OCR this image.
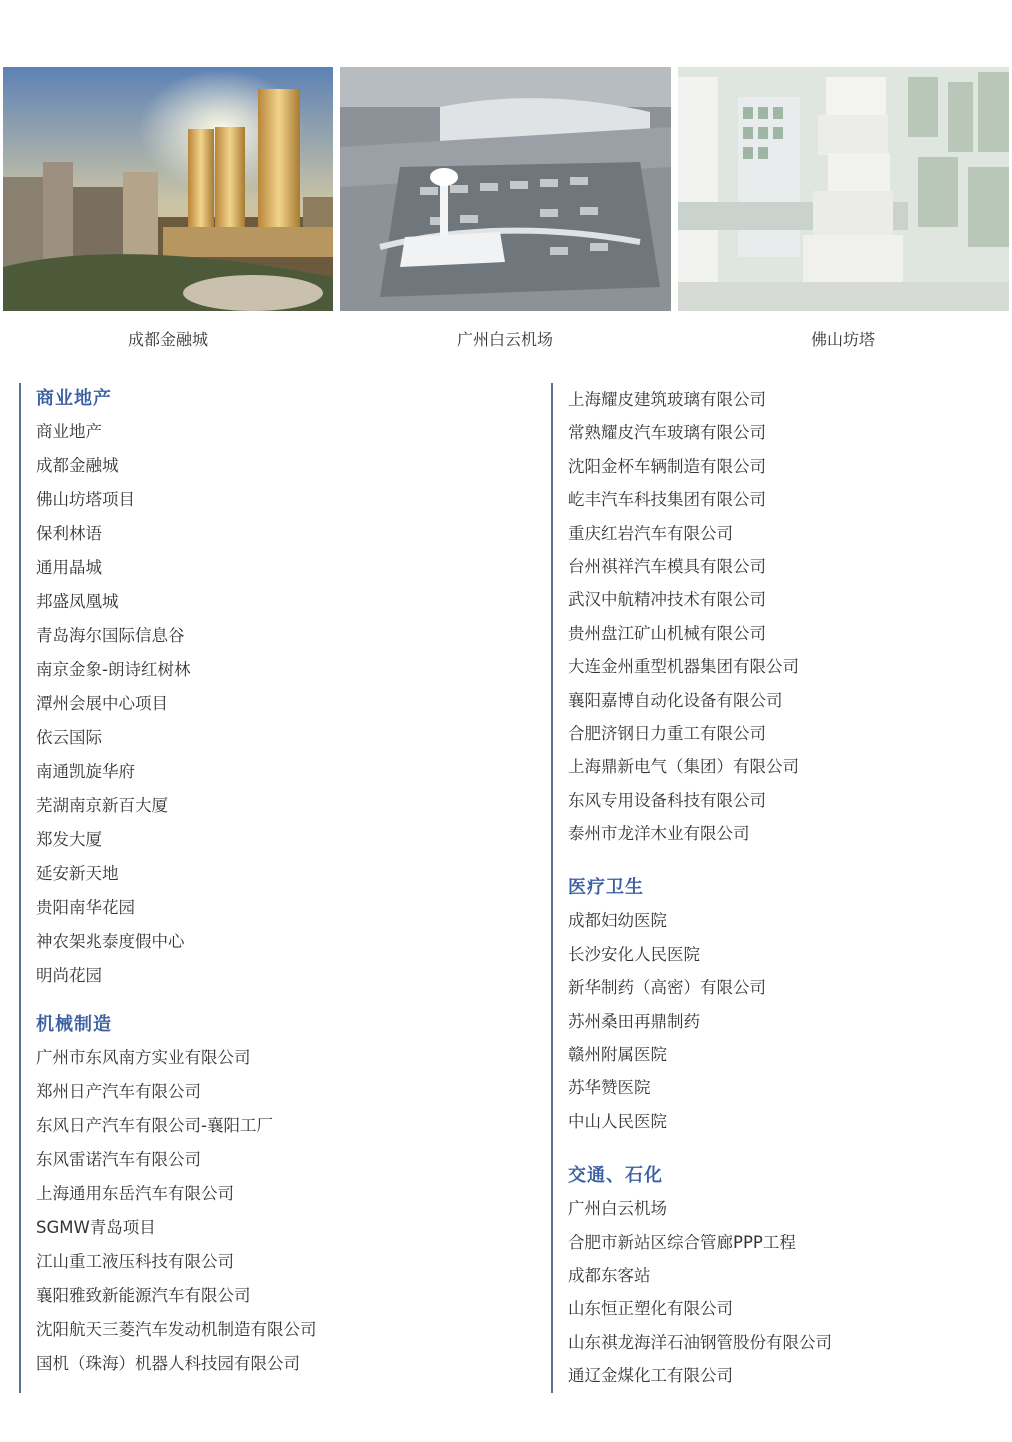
成都金融城	广州白云机场	佛山坊塔
商业地产
商业地产
成都金融城
佛山坊塔项目
保利林语
通用晶城
邦盛凤凰城
青岛海尔国际信息谷
南京金象-朗诗红树林
潭州会展中心项目
依云国际
南通凯旋华府
芜湖南京新百大厦
郑发大厦
延安新天地
贵阳南华花园
神农架兆泰度假中心
明尚花园
机械制造
广州市东风南方实业有限公司
郑州日产汽车有限公司
东风日产汽车有限公司-襄阳工厂
东风雷诺汽车有限公司
上海通用东岳汽车有限公司
SGMW青岛项目
江山重工液压科技有限公司
襄阳雅致新能源汽车有限公司
沈阳航天三菱汽车发动机制造有限公司
国机（珠海）机器人科技园有限公司
上海耀皮建筑玻璃有限公司
常熟耀皮汽车玻璃有限公司
沈阳金杯车辆制造有限公司
屹丰汽车科技集团有限公司
重庆红岩汽车有限公司
台州祺祥汽车模具有限公司
武汉中航精冲技术有限公司
贵州盘江矿山机械有限公司
大连金州重型机器集团有限公司
襄阳嘉博自动化设备有限公司
合肥济钢日力重工有限公司
上海鼎新电气（集团）有限公司
东风专用设备科技有限公司
泰州市龙洋木业有限公司
医疗卫生
成都妇幼医院
长沙安化人民医院
新华制药（高密）有限公司
苏州桑田再鼎制药
赣州附属医院
苏华赞医院
中山人民医院
交通、石化
广州白云机场
合肥市新站区综合管廊PPP工程
成都东客站
山东恒正塑化有限公司
山东祺龙海洋石油钢管股份有限公司
通辽金煤化工有限公司
